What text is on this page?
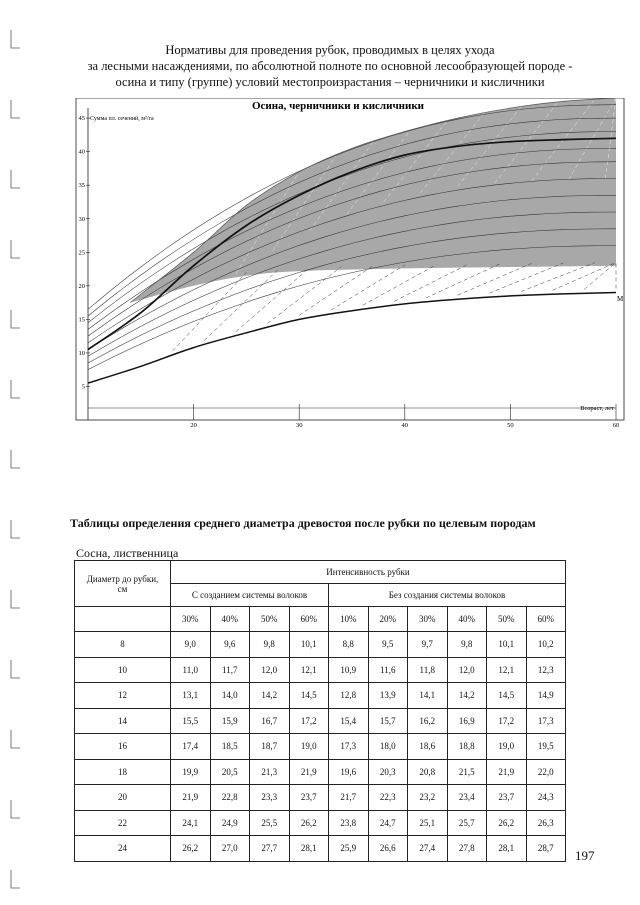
Нормативы для проведения рубок, проводимых в целях ухода
за лесными насаждениями, по абсолютной полноте по основной лесообразующей породе -
осина и типу (группе) условий местопроизрастания – черничники и кисличники
5
10
15
20
25
30
35
40
45
20	30	40	50	60
Осина, черничники и кисличники
Сумма пл. сечений, м²/га
Возраст, лет
М
Таблицы определения среднего диаметра древостоя после рубки по целевым породам
Сосна, лиственница
Диаметр до рубки, см	Интенсивность рубки									
	С созданием системы волоков				Без создания системы волоков					
	30%	40%	50%	60%	10%	20%	30%	40%	50%	60%
8	9,0	9,6	9,8	10,1	8,8	9,5	9,7	9,8	10,1	10,2
10	11,0	11,7	12,0	12,1	10,9	11,6	11,8	12,0	12,1	12,3
12	13,1	14,0	14,2	14,5	12,8	13,9	14,1	14,2	14,5	14,9
14	15,5	15,9	16,7	17,2	15,4	15,7	16,2	16,9	17,2	17,3
16	17,4	18,5	18,7	19,0	17,3	18,0	18,6	18,8	19,0	19,5
18	19,9	20,5	21,3	21,9	19,6	20,3	20,8	21,5	21,9	22,0
20	21,9	22,8	23,3	23,7	21,7	22,3	23,2	23,4	23,7	24,3
22	24,1	24,9	25,5	26,2	23,8	24,7	25,1	25,7	26,2	26,3
24	26,2	27,0	27,7	28,1	25,9	26,6	27,4	27,8	28,1	28,7 197
